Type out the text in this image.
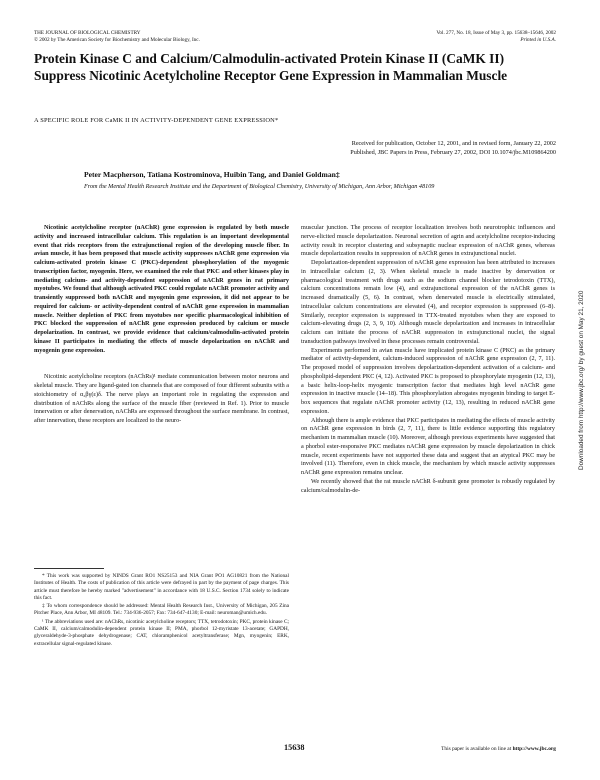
THE JOURNAL OF BIOLOGICAL CHEMISTRY
© 2002 by The American Society for Biochemistry and Molecular Biology, Inc.
Vol. 277, No. 18, Issue of May 3, pp. 15638–15646, 2002
Printed in U.S.A.
Protein Kinase C and Calcium/Calmodulin-activated Protein Kinase II (CaMK II) Suppress Nicotinic Acetylcholine Receptor Gene Expression in Mammalian Muscle
A SPECIFIC ROLE FOR CaMK II IN ACTIVITY-DEPENDENT GENE EXPRESSION*
Received for publication, October 12, 2001, and in revised form, January 22, 2002
Published, JBC Papers in Press, February 27, 2002, DOI 10.1074/jbc.M109864200
Peter Macpherson, Tatiana Kostrominova, Huibin Tang, and Daniel Goldman‡
From the Mental Health Research Institute and the Department of Biological Chemistry, University of Michigan, Ann Arbor, Michigan 48109

Nicotinic acetylcholine receptor (nAChR) gene expression is regulated by both muscle activity and increased intracellular calcium. This regulation is an important developmental event that rids receptors from the extrajunctional region of the developing muscle fiber. In avian muscle, it has been proposed that muscle activity suppresses nAChR gene expression via calcium-activated protein kinase C (PKC)-dependent phosphorylation of the myogenic transcription factor, myogenin. Here, we examined the role that PKC and other kinases play in mediating calcium- and activity-dependent suppression of nAChR genes in rat primary myotubes. We found that although activated PKC could regulate nAChR promoter activity and transiently suppressed both nAChR and myogenin gene expression, it did not appear to be required for calcium- or activity-dependent control of nAChR gene expression in mammalian muscle. Neither depletion of PKC from myotubes nor specific pharmacological inhibition of PKC blocked the suppression of nAChR gene expression produced by calcium or muscle depolarization. In contrast, we provide evidence that calcium/calmodulin-activated protein kinase II participates in mediating the effects of muscle depolarization on nAChR and myogenin gene expression.

Nicotinic acetylcholine receptors (nAChRs)¹ mediate communication between motor neurons and skeletal muscle. They are ligand-gated ion channels that are composed of four different subunits with a stoichiometry of α₂βγ(ε)δ. The nerve plays an important role in regulating the expression and distribution of nAChRs along the surface of the muscle fiber (reviewed in Ref. 1). Prior to muscle innervation or after denervation, nAChRs are expressed throughout the surface membrane. In contrast, after innervation, these receptors are localized to the neuro-

* This work was supported by NINDS Grant RO1 NS25153 and NIA Grant PO1 AG10821 from the National Institutes of Health. The costs of publication of this article were defrayed in part by the payment of page charges. This article must therefore be hereby marked "advertisement" in accordance with 18 U.S.C. Section 1734 solely to indicate this fact.

‡ To whom correspondence should be addressed: Mental Health Research Inst., University of Michigan, 205 Zina Pitcher Place, Ann Arbor, MI 48109. Tel.: 734-936-2057; Fax: 734-647-4130; E-mail: neuroman@umich.edu.

¹ The abbreviations used are: nAChRs, nicotinic acetylcholine receptors; TTX, tetrodotoxin; PKC, protein kinase C; CaMK II, calcium/calmodulin-dependent protein kinase II; PMA, phorbol 12-myristate 13-acetate; GAPDH, glyceraldehyde-3-phosphate dehydrogenase; CAT, chloramphenicol acetyltransferase; Mgn, myogenin; ERK, extracellular signal-regulated kinase.

muscular junction. The process of receptor localization involves both neurotrophic influences and nerve-elicited muscle depolarization. Neuronal secretion of agrin and acetylcholine receptor-inducing activity result in receptor clustering and subsynaptic nuclear expression of nAChR genes, whereas muscle depolarization results in suppression of nAChR genes in extrajunctional nuclei.

Depolarization-dependent suppression of nAChR gene expression has been attributed to increases in intracellular calcium (2, 3). When skeletal muscle is made inactive by denervation or pharmacological treatment with drugs such as the sodium channel blocker tetrodotoxin (TTX), calcium concentrations remain low (4), and extrajunctional expression of the nAChR genes is increased dramatically (5, 6). In contrast, when denervated muscle is electrically stimulated, intracellular calcium concentrations are elevated (4), and receptor expression is suppressed (6–8). Similarly, receptor expression is suppressed in TTX-treated myotubes when they are exposed to calcium-elevating drugs (2, 3, 9, 10). Although muscle depolarization and increases in intracellular calcium can initiate the process of nAChR suppression in extrajunctional nuclei, the signal transduction pathways involved in these processes remain controversial.

Experiments performed in avian muscle have implicated protein kinase C (PKC) as the primary mediator of activity-dependent, calcium-induced suppression of nAChR gene expression (2, 7, 11). The proposed model of suppression involves depolarization-dependent activation of a calcium- and phospholipid-dependent PKC (4, 12). Activated PKC is proposed to phosphorylate myogenin (12, 13), a basic helix-loop-helix myogenic transcription factor that mediates high level nAChR gene expression in inactive muscle (14–18). This phosphorylation abrogates myogenin binding to target E-box sequences that regulate nAChR promoter activity (12, 13), resulting in reduced nAChR gene expression.

Although there is ample evidence that PKC participates in mediating the effects of muscle activity on nAChR gene expression in birds (2, 7, 11), there is little evidence supporting this regulatory mechanism in mammalian muscle (10). Moreover, although previous experiments have suggested that a phorbol ester-responsive PKC mediates nAChR gene expression by muscle depolarization in chick muscle, recent experiments have not supported these data and suggest that an atypical PKC may be involved (11). Therefore, even in chick muscle, the mechanism by which muscle activity suppresses nAChR gene expression remains unclear.

We recently showed that the rat muscle nAChR δ-subunit gene promoter is robustly regulated by calcium/calmodulin-de-

15638	This paper is available on line at http://www.jbc.org
Downloaded from http://www.jbc.org/ by guest on May 21, 2020
